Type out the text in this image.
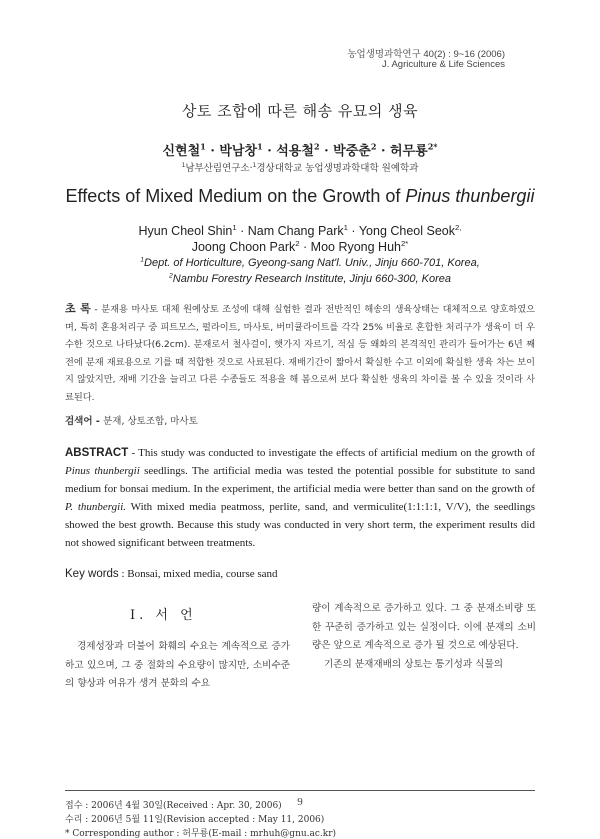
농업생명과학연구 40(2) : 9~16 (2006)
J. Agriculture & Life Sciences
상토 조합에 따른 해송 유묘의 생육
신현철$^1$ · 박남창$^1$ · 석용철$^2$ · 박중춘$^2$ · 허무룡$^{2*}$
$^1$남부산림연구소·$^1$경상대학교 농업생명과학대학 원예학과
Effects of Mixed Medium on the Growth of Pinus thunbergii
Hyun Cheol Shin$^1$ · Nam Chang Park$^1$ · Yong Cheol Seok$^{2,}$
Joong Choon Park$^2$ · Moo Ryong Huh$^{2*}$
$^1$Dept. of Horticulture, Gyeong-sang Nat'l. Univ., Jinju 660-701, Korea,
$^2$Nambu Forestry Research Institute, Jinju 660-300, Korea
초 록 - 분재용 마사토 대체 원예상토 조성에 대해 실험한 결과 전반적인 해송의 생육상태는 대체적으로 양호하였으며, 특히 혼용처리구 중 피트모스, 펄라이트, 마사토, 버미큘라이트를 각각 25% 비율로 혼합한 처리구가 생육이 더 우수한 것으로 나타났다(6.2cm). 분재로서 철사걸이, 햇가지 자르기, 적심 등 왜화의 본격적인 관리가 들어가는 6년 째 전에 분재 재료용으로 기를 때 적합한 것으로 사료된다. 재배기간이 짧아서 확실한 수고 이외에 확실한 생육 차는 보이지 않았지만, 재배 기간을 늘리고 다른 수종들도 적용을 해 봄으로써 보다 확실한 생육의 차이를 볼 수 있을 것이라 사료된다.
검색어 - 분재, 상토조합, 마사토
ABSTRACT - This study was conducted to investigate the effects of artificial medium on the growth of Pinus thunbergii seedlings. The artificial media was tested the potential possible for substitute to sand medium for bonsai medium. In the experiment, the artificial media were better than sand on the growth of P. thunbergii. With mixed media peatmoss, perlite, sand, and vermiculite(1:1:1:1, V/V), the seedlings showed the best growth. Because this study was conducted in very short term, the experiment results did not showed significant between treatments.
Key words : Bonsai, mixed media, course sand
I. 서 언
경제성장과 더불어 화훼의 수요는 계속적으로 증가하고 있으며, 그 중 절화의 수요량이 많지만, 소비수준의 향상과 여유가 생겨 분화의 수요
량이 계속적으로 증가하고 있다. 그 중 분재소비량 또한 꾸준히 증가하고 있는 실정이다. 이에 분재의 소비량은 앞으로 계속적으로 증가 될 것으로 예상된다.
기존의 분재재배의 상토는 통기성과 식물의
접수 : 2006년 4월 30일(Received : Apr. 30, 2006)
수리 : 2006년 5월 11일(Revision accepted : May 11, 2006)
* Corresponding author : 허무룡(E-mail : mrhuh@gnu.ac.kr)
9
